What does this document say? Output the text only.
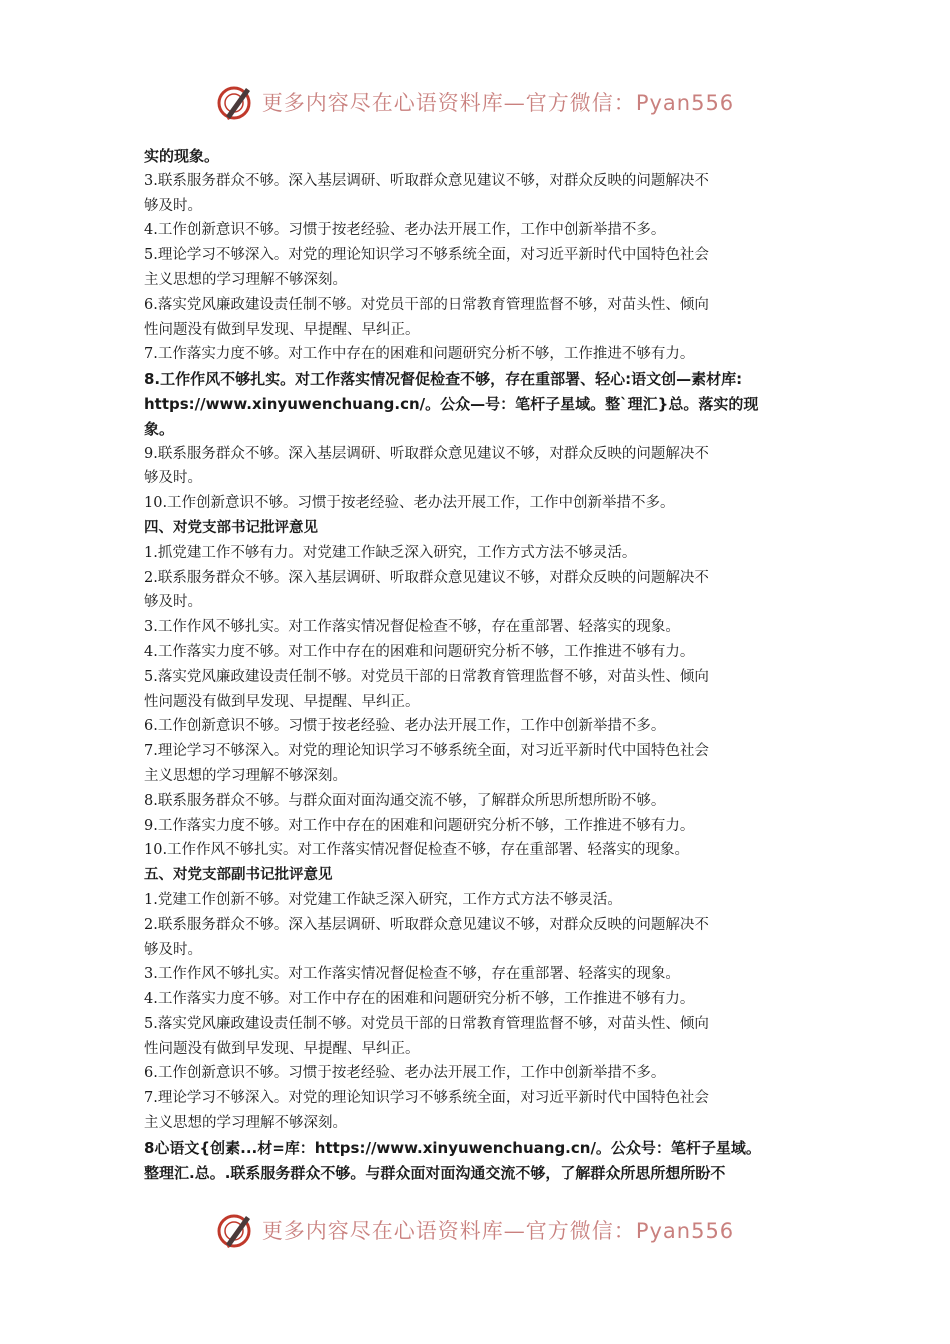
更多内容尽在心语资料库—官方微信：Pyan556

实的现象。

3.联系服务群众不够。深入基层调研、听取群众意见建议不够，对群众反映的问题解决不

够及时。

4.工作创新意识不够。习惯于按老经验、老办法开展工作，工作中创新举措不多。

5.理论学习不够深入。对党的理论知识学习不够系统全面，对习近平新时代中国特色社会

主义思想的学习理解不够深刻。

6.落实党风廉政建设责任制不够。对党员干部的日常教育管理监督不够，对苗头性、倾向

性问题没有做到早发现、早提醒、早纠正。

7.工作落实力度不够。对工作中存在的困难和问题研究分析不够，工作推进不够有力。

8.工作作风不够扎实。对工作落实情况督促检查不够，存在重部署、轻心:语文创—素材库:

https://www.xinyuwenchuang.cn/。公众—号：笔杆子星域。整`理汇}总。落实的现

象。

9.联系服务群众不够。深入基层调研、听取群众意见建议不够，对群众反映的问题解决不

够及时。

10.工作创新意识不够。习惯于按老经验、老办法开展工作，工作中创新举措不多。

四、对党支部书记批评意见

1.抓党建工作不够有力。对党建工作缺乏深入研究，工作方式方法不够灵活。

2.联系服务群众不够。深入基层调研、听取群众意见建议不够，对群众反映的问题解决不

够及时。

3.工作作风不够扎实。对工作落实情况督促检查不够，存在重部署、轻落实的现象。

4.工作落实力度不够。对工作中存在的困难和问题研究分析不够，工作推进不够有力。

5.落实党风廉政建设责任制不够。对党员干部的日常教育管理监督不够，对苗头性、倾向

性问题没有做到早发现、早提醒、早纠正。

6.工作创新意识不够。习惯于按老经验、老办法开展工作，工作中创新举措不多。

7.理论学习不够深入。对党的理论知识学习不够系统全面，对习近平新时代中国特色社会

主义思想的学习理解不够深刻。

8.联系服务群众不够。与群众面对面沟通交流不够，了解群众所思所想所盼不够。

9.工作落实力度不够。对工作中存在的困难和问题研究分析不够，工作推进不够有力。

10.工作作风不够扎实。对工作落实情况督促检查不够，存在重部署、轻落实的现象。

五、对党支部副书记批评意见

1.党建工作创新不够。对党建工作缺乏深入研究，工作方式方法不够灵活。

2.联系服务群众不够。深入基层调研、听取群众意见建议不够，对群众反映的问题解决不

够及时。

3.工作作风不够扎实。对工作落实情况督促检查不够，存在重部署、轻落实的现象。

4.工作落实力度不够。对工作中存在的困难和问题研究分析不够，工作推进不够有力。

5.落实党风廉政建设责任制不够。对党员干部的日常教育管理监督不够，对苗头性、倾向

性问题没有做到早发现、早提醒、早纠正。

6.工作创新意识不够。习惯于按老经验、老办法开展工作，工作中创新举措不多。

7.理论学习不够深入。对党的理论知识学习不够系统全面，对习近平新时代中国特色社会

主义思想的学习理解不够深刻。

8心语文{创素...材=库：https://www.xinyuwenchuang.cn/。公众号：笔杆子星域。

整理汇.总。.联系服务群众不够。与群众面对面沟通交流不够，了解群众所思所想所盼不

更多内容尽在心语资料库—官方微信：Pyan556
